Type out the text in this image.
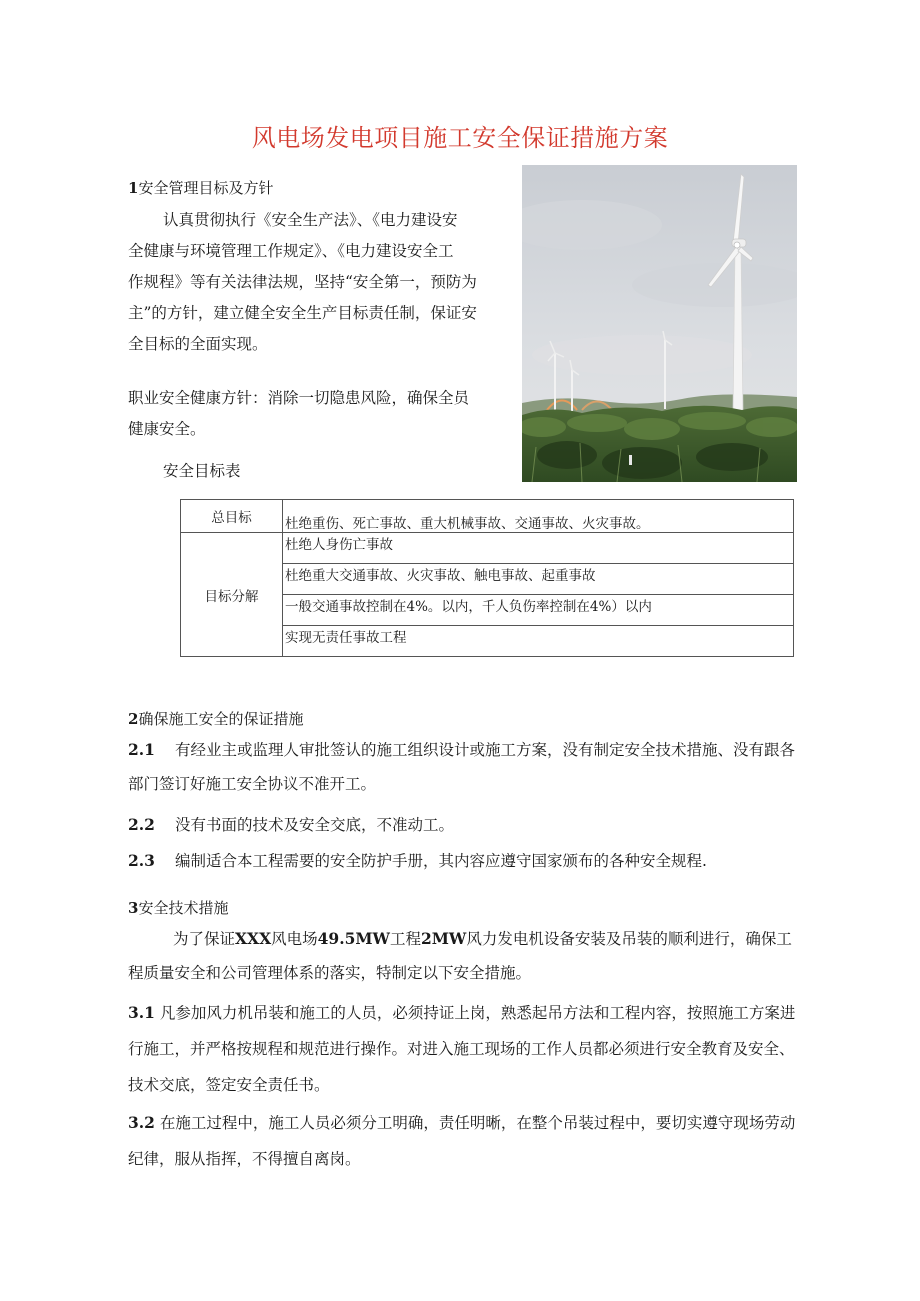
风电场发电项目施工安全保证措施方案
1安全管理目标及方针
认真贯彻执行《安全生产法》、《电力建设安
全健康与环境管理工作规定》、《电力建设安全工
作规程》等有关法律法规，坚持“安全第一，预防为
主”的方针，建立健全安全生产目标责任制，保证安
全目标的全面实现。
职业安全健康方针：消除一切隐患风险，确保全员
健康安全。
安全目标表
总目标	杜绝重伤、死亡事故、重大机械事故、交通事故、火灾事故。
目标分解	杜绝人身伤亡事故
	杜绝重大交通事故、火灾事故、触电事故、起重事故
	一般交通事故控制在4%。以内，千人负伤率控制在4%）以内
	实现无责任事故工程
2确保施工安全的保证措施
2.1 有经业主或监理人审批签认的施工组织设计或施工方案，没有制定安全技术措施、没有跟各
部门签订好施工安全协议不准开工。
2.2 没有书面的技术及安全交底，不准动工。
2.3 编制适合本工程需要的安全防护手册，其内容应遵守国家颁布的各种安全规程.
3安全技术措施
为了保证XXX风电场49.5MW工程2MW风力发电机设备安装及吊装的顺利进行，确保工
程质量安全和公司管理体系的落实，特制定以下安全措施。
3.1 凡参加风力机吊装和施工的人员，必须持证上岗，熟悉起吊方法和工程内容，按照施工方案进
行施工，并严格按规程和规范进行操作。对进入施工现场的工作人员都必须进行安全教育及安全、
技术交底，签定安全责任书。
3.2 在施工过程中，施工人员必须分工明确，责任明晰，在整个吊装过程中，要切实遵守现场劳动
纪律，服从指挥，不得擅自离岗。
